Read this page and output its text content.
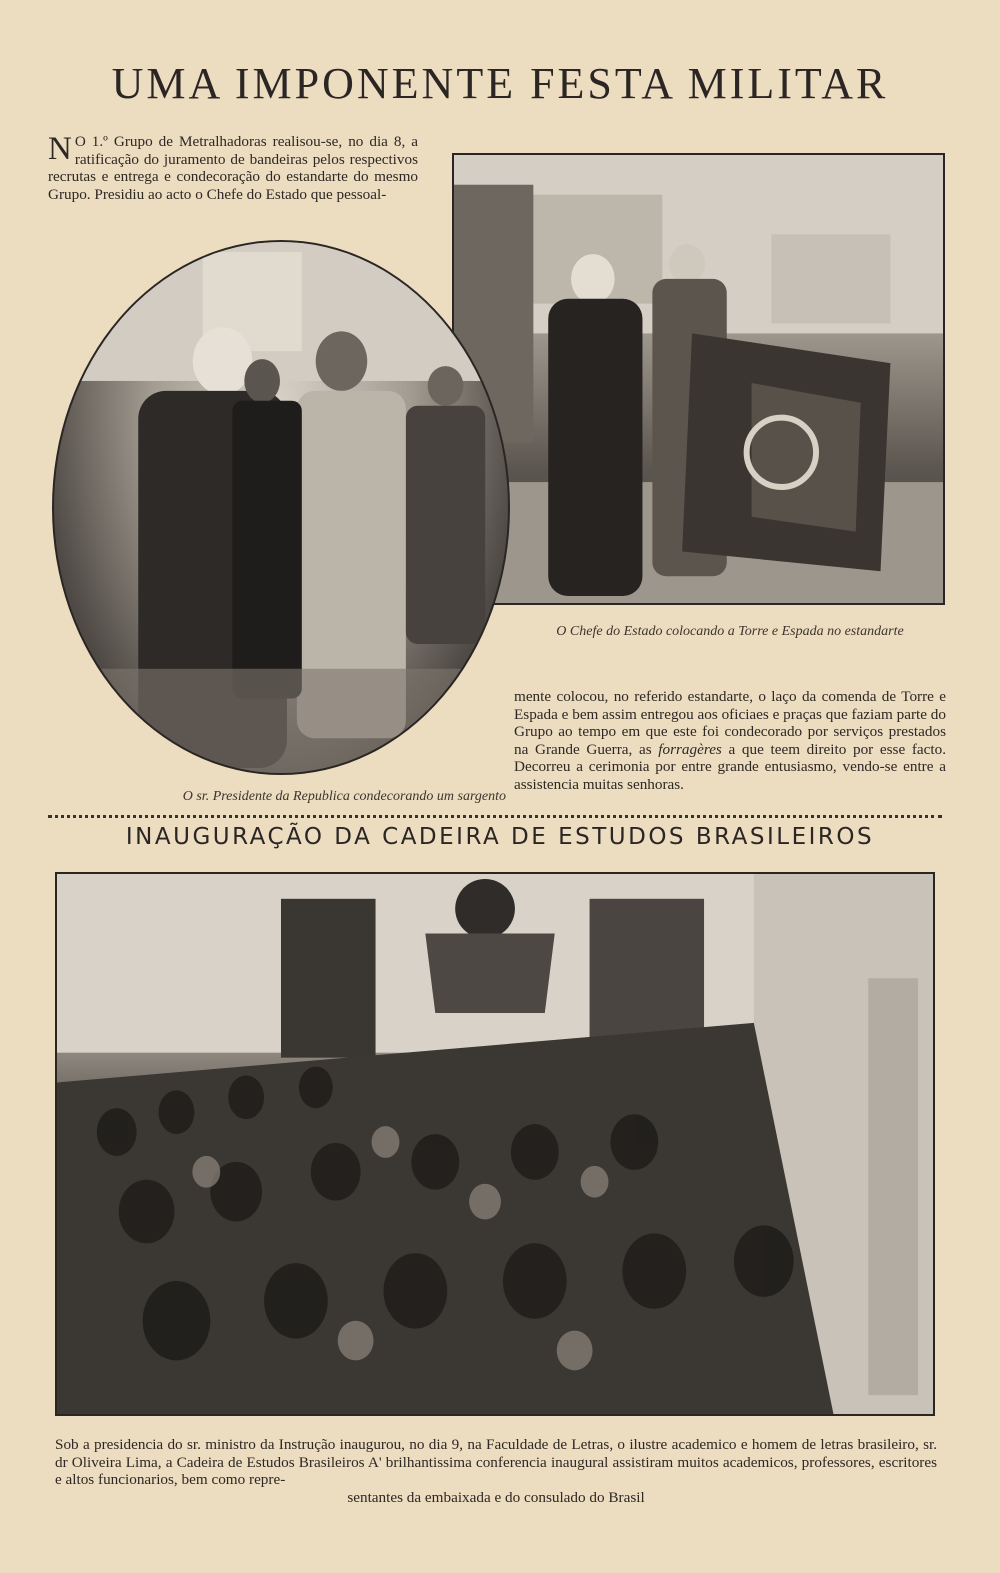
UMA IMPONENTE FESTA MILITAR
N O 1.º Grupo de Metralhadoras realisou-se, no dia 8, a ratificação do juramento de bandeiras pelos respectivos recrutas e entrega e condecoração do estandarte do mesmo Grupo. Presidiu ao acto o Chefe do Estado que pessoal-
O Chefe do Estado colocando a Torre e Espada no estandarte
mente colocou, no referido estandarte, o laço da comenda de Torre e Espada e bem assim entregou aos oficiaes e praças que faziam parte do Grupo ao tempo em que este foi condecorado por serviços prestados na Grande Guerra, as forragères a que teem direito por esse facto. Decorreu a cerimonia por entre grande entusiasmo, vendo-se entre a assistencia muitas senhoras.
O sr. Presidente da Republica condecorando um sargento
INAUGURAÇÃO DA CADEIRA DE ESTUDOS BRASILEIROS
Sob a presidencia do sr. ministro da Instrução inaugurou, no dia 9, na Faculdade de Letras, o ilustre academico e homem de letras brasileiro, sr. dr Oliveira Lima, a Cadeira de Estudos Brasileiros A' brilhantissima conferencia inaugural assistiram muitos academicos, professores, escritores e altos funcionarios, bem como repre-
sentantes da embaixada e do consulado do Brasil
